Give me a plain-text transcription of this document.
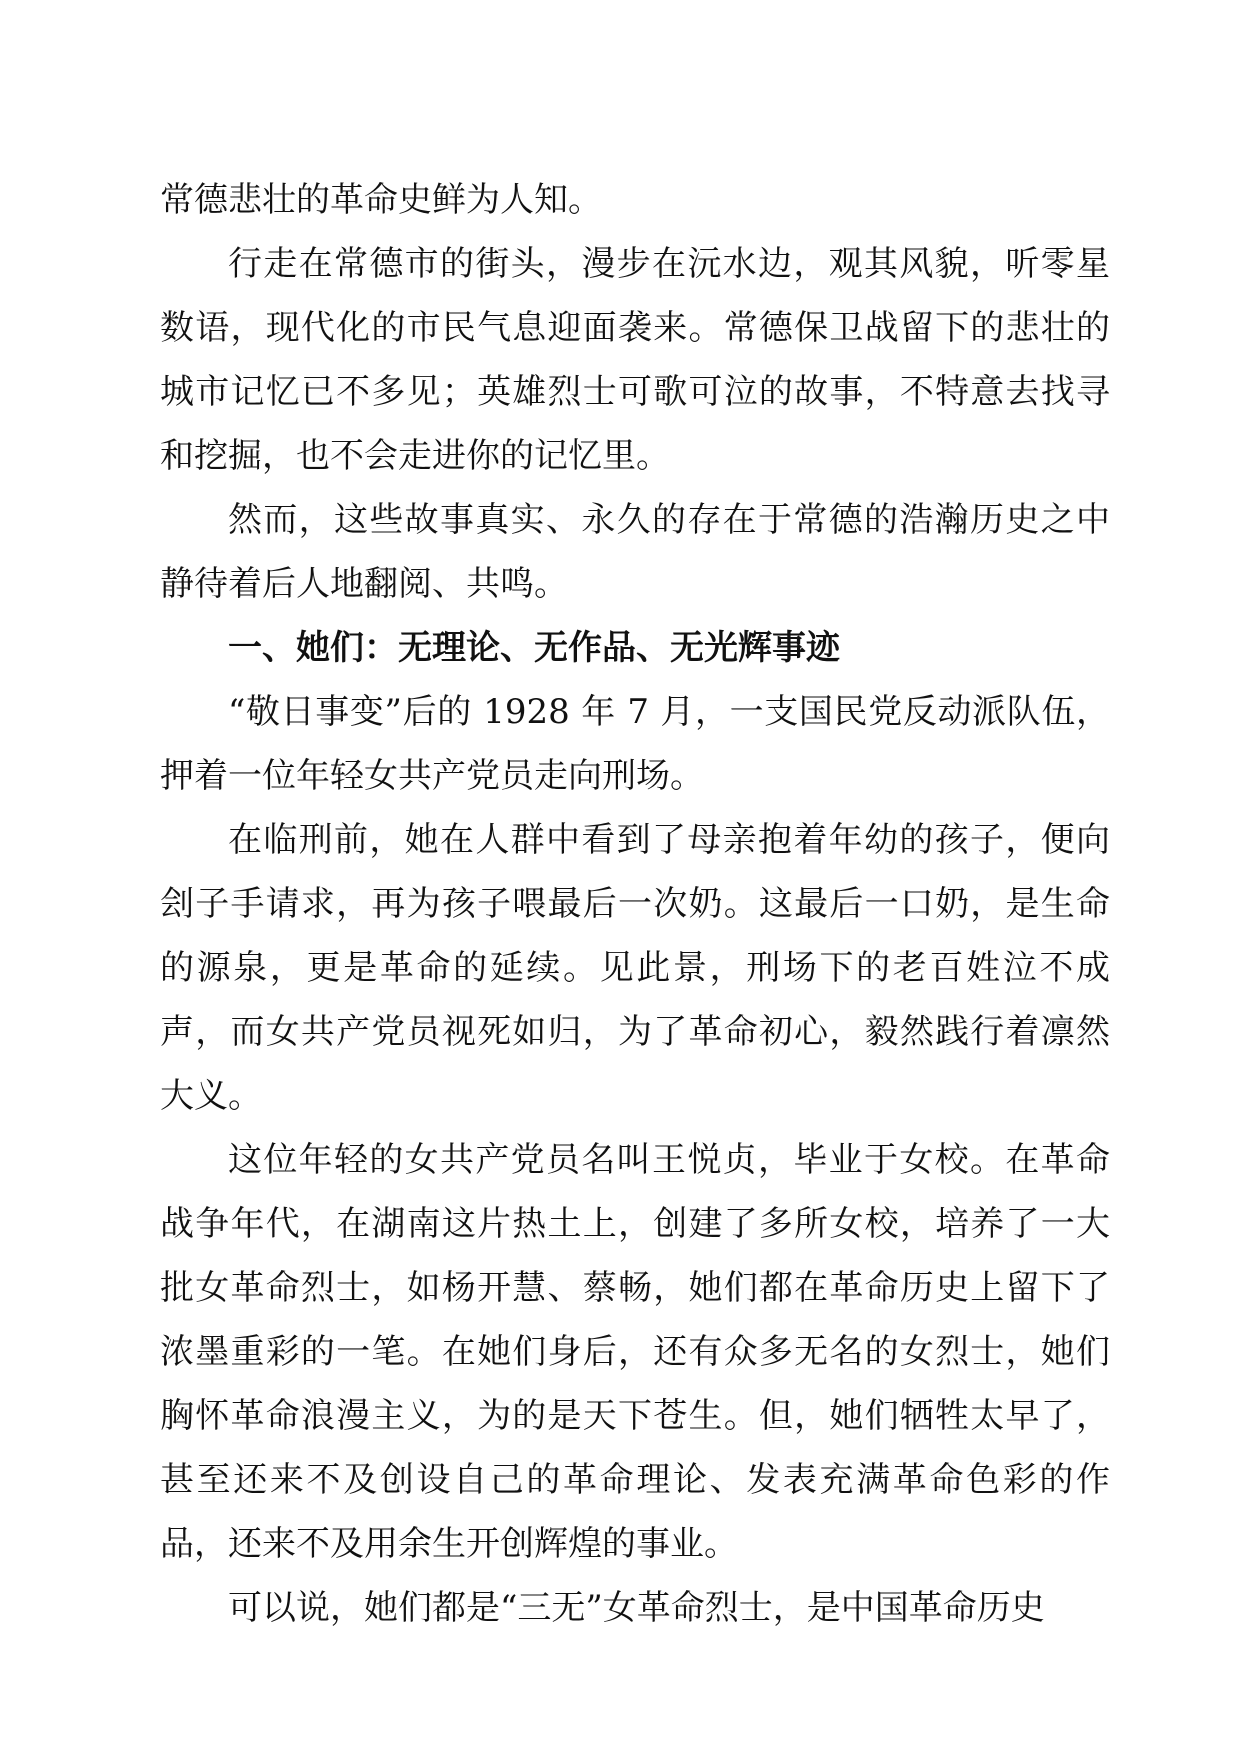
常德悲壮的革命史鲜为人知。

行走在常德市的街头，漫步在沅水边，观其风貌，听零星数语，现代化的市民气息迎面袭来。常德保卫战留下的悲壮的城市记忆已不多见；英雄烈士可歌可泣的故事，不特意去找寻和挖掘，也不会走进你的记忆里。

然而，这些故事真实、永久的存在于常德的浩瀚历史之中静待着后人地翻阅、共鸣。

一、她们：无理论、无作品、无光辉事迹

“敬日事变”后的 1928 年 7 月，一支国民党反动派队伍，押着一位年轻女共产党员走向刑场。

在临刑前，她在人群中看到了母亲抱着年幼的孩子，便向刽子手请求，再为孩子喂最后一次奶。这最后一口奶，是生命的源泉，更是革命的延续。见此景，刑场下的老百姓泣不成声，而女共产党员视死如归，为了革命初心，毅然践行着凛然大义。

这位年轻的女共产党员名叫王悦贞，毕业于女校。在革命战争年代，在湖南这片热土上，创建了多所女校，培养了一大批女革命烈士，如杨开慧、蔡畅，她们都在革命历史上留下了浓墨重彩的一笔。在她们身后，还有众多无名的女烈士，她们胸怀革命浪漫主义，为的是天下苍生。但，她们牺牲太早了，甚至还来不及创设自己的革命理论、发表充满革命色彩的作品，还来不及用余生开创辉煌的事业。

可以说，她们都是“三无”女革命烈士，是中国革命历史
